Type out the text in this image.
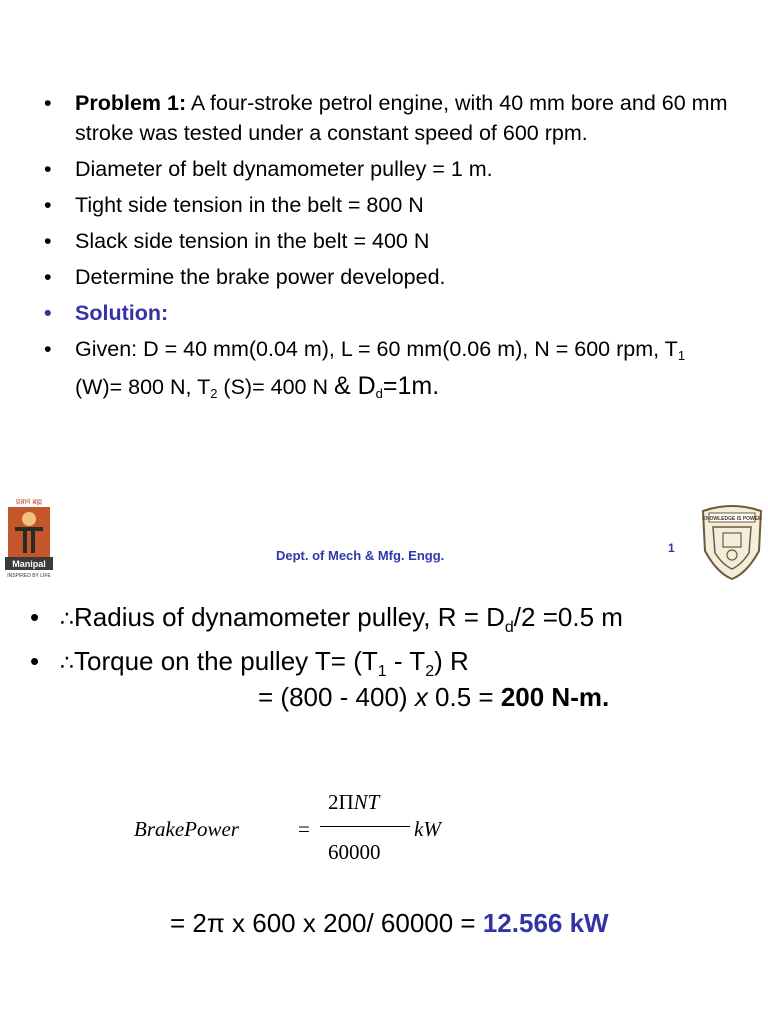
• Problem 1: A four-stroke petrol engine, with 40 mm bore and 60 mm stroke was tested under a constant speed of 600 rpm.
• Diameter of belt dynamometer pulley = 1 m.
• Tight side tension in the belt = 800 N
• Slack side tension in the belt = 400 N
• Determine the brake power developed.
• Solution:
• Given: D = 40 mm(0.04 m), L = 60 mm(0.06 m), N = 600 rpm, $T_1$ (W)= 800 N, $T_2$ (S)= 400 N & $D_d=1m$.
प्रज्ञानं ब्रह्म
Manipal
INSPIRED BY LIFE
Dept. of Mech & Mfg. Engg.	1
KNOWLEDGE IS POWER
• ∴Radius of dynamometer pulley, $R = D_d/2 =0.5$ m
• ∴Torque on the pulley $T= (T_1 - T_2)$ R
= (800 - 400) x 0.5 = 200 N-m.
BrakePower	=
2ΠNT
60000
kW
= 2π x 600 x 200/ 60000 = 12.566 kW
